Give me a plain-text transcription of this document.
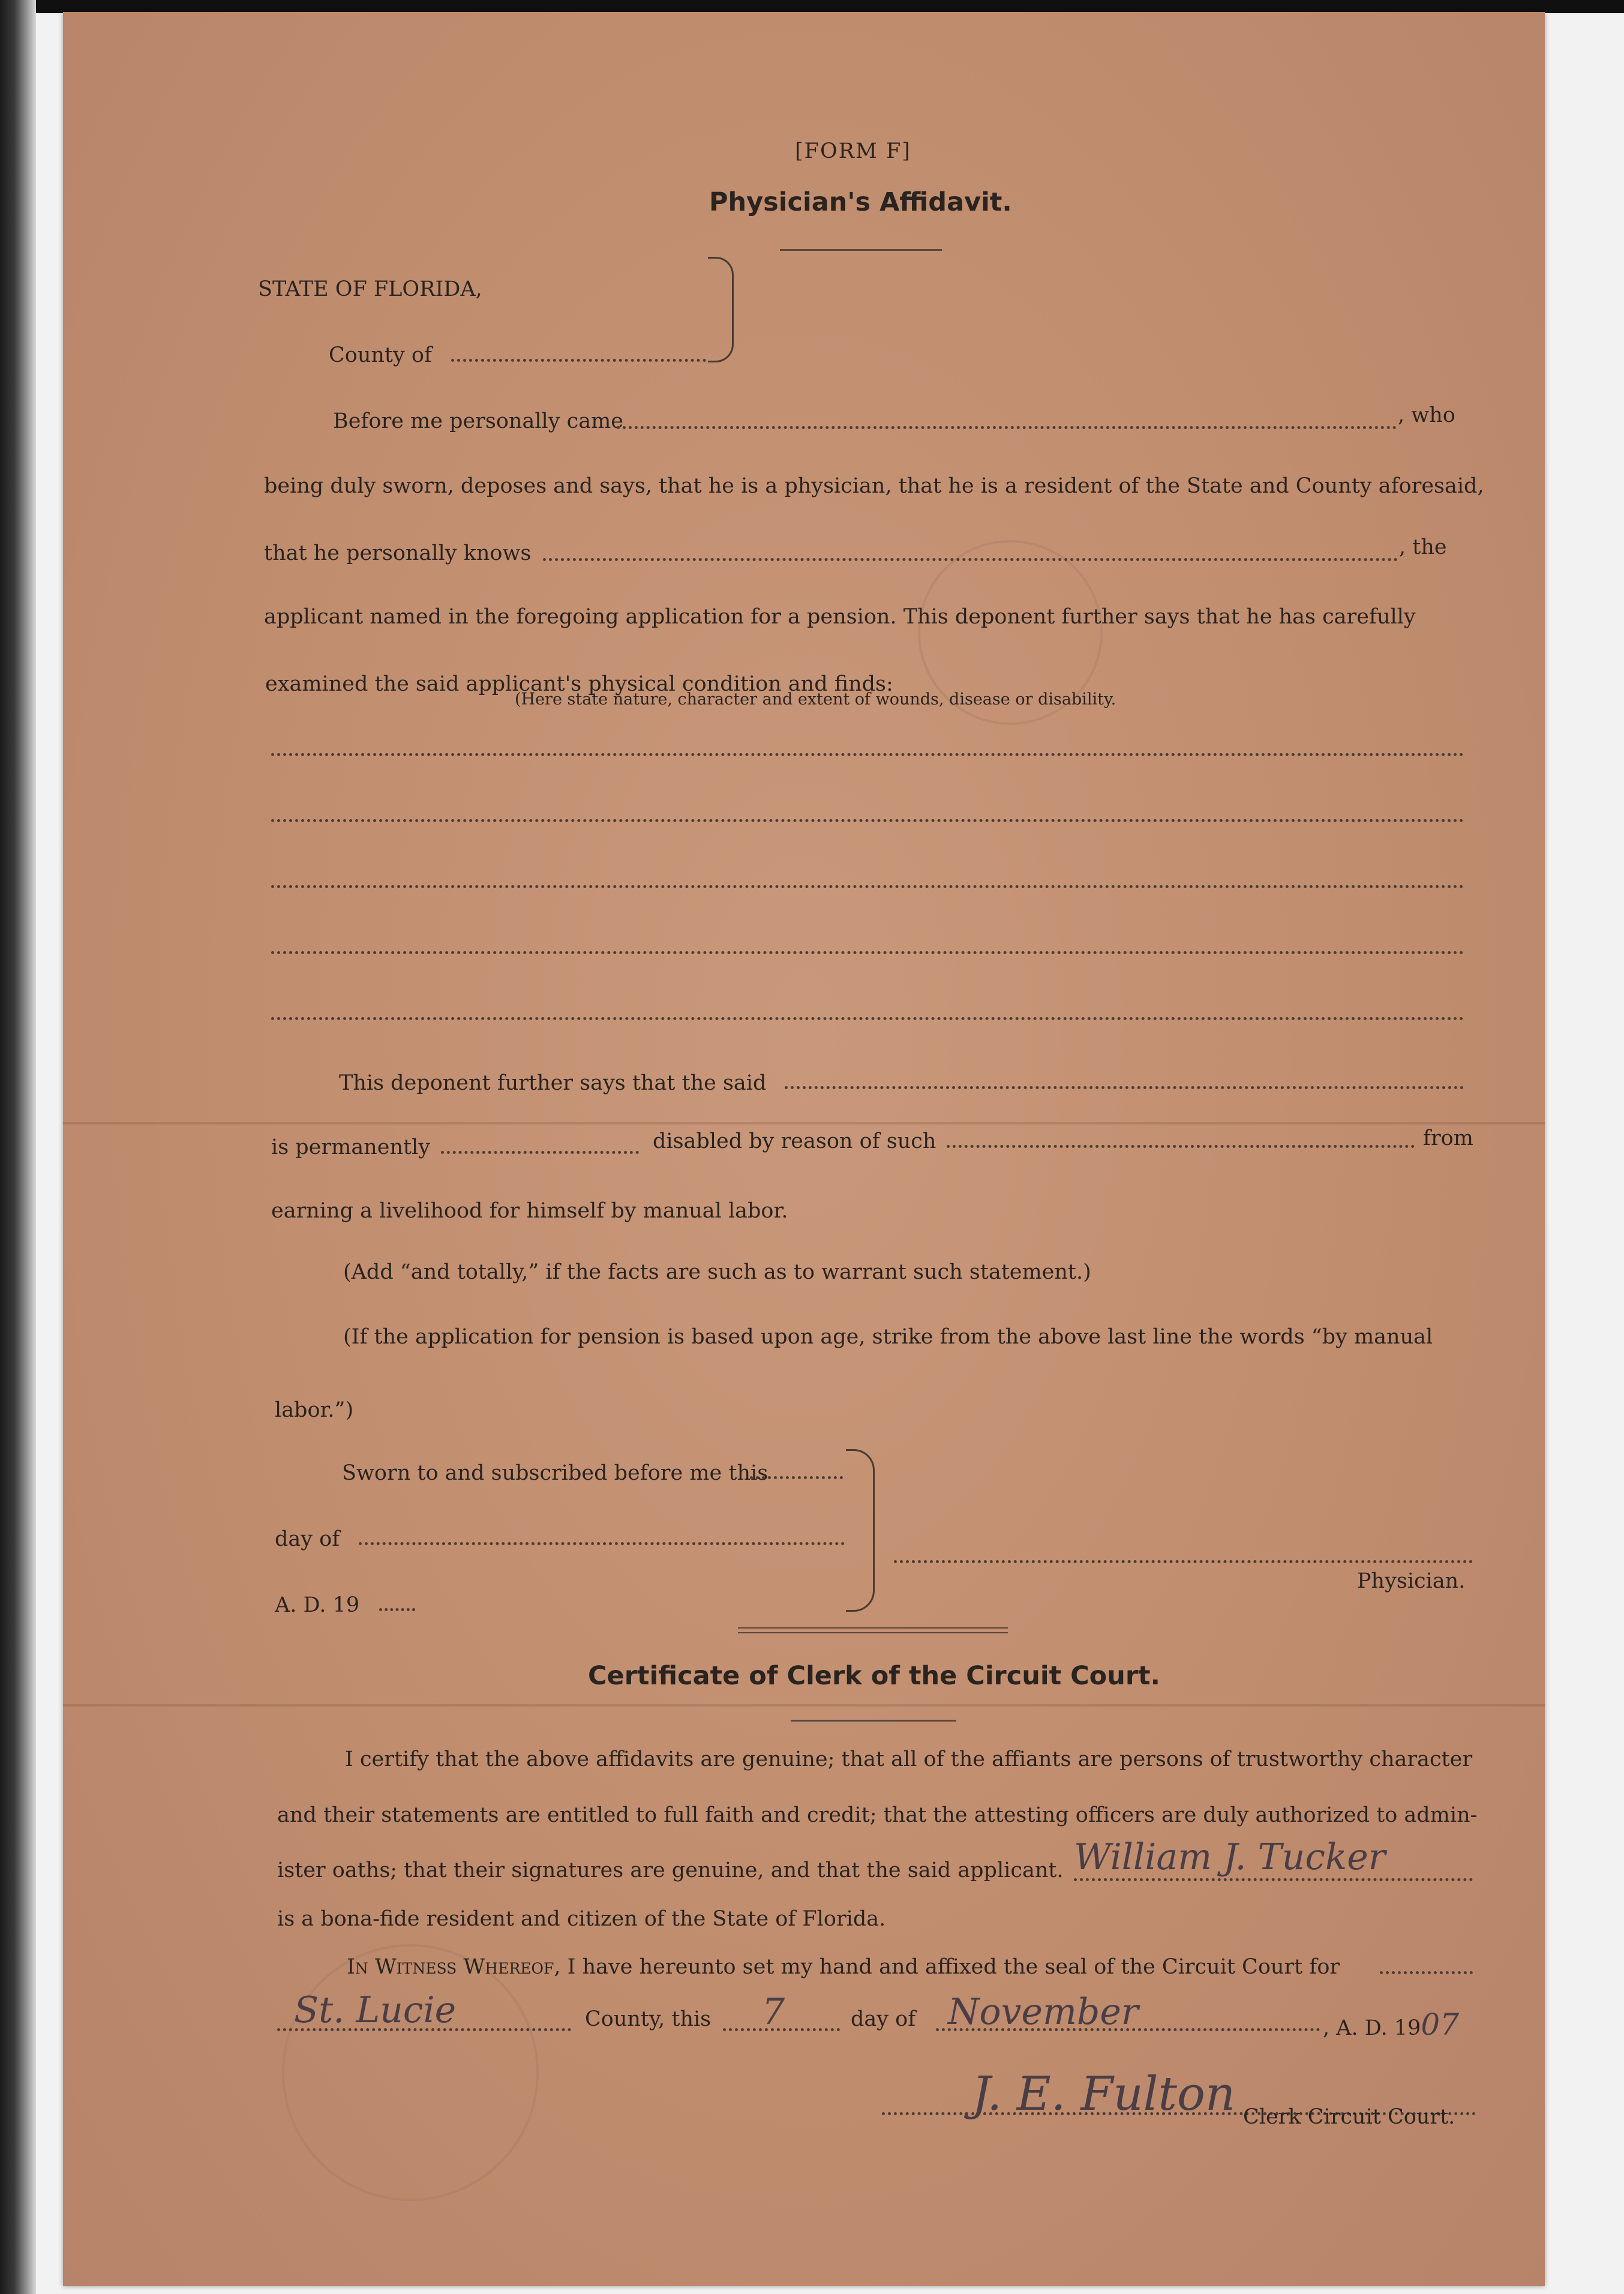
[FORM F]
Physician's Affidavit.
STATE OF FLORIDA,
County of
Before me personally came	, who
being duly sworn, deposes and says, that he is a physician, that he is a resident of the State and County aforesaid,
that he personally knows	, the
applicant named in the foregoing application for a pension. This deponent further says that he has carefully
examined the said applicant's physical condition and finds:
(Here state nature, character and extent of wounds, disease or disability.
This deponent further says that the said
is permanently	disabled by reason of such	from
earning a livelihood for himself by manual labor.
(Add “and totally,” if the facts are such as to warrant such statement.)
(If the application for pension is based upon age, strike from the above last line the words “by manual
labor.”)
Sworn to and subscribed before me this
day of
A. D. 19
Physician.
Certificate of Clerk of the Circuit Court.
I certify that the above affidavits are genuine; that all of the affiants are persons of trustworthy character
and their statements are entitled to full faith and credit; that the attesting officers are duly authorized to admin-
ister oaths; that their signatures are genuine, and that the said applicant. William J. Tucker
is a bona-fide resident and citizen of the State of Florida.
In Witness Whereof, I have hereunto set my hand and affixed the seal of the Circuit Court for
St. Lucie	County, this 7	day of November	, A. D. 1907
J. E. Fulton Clerk Circuit Court.
